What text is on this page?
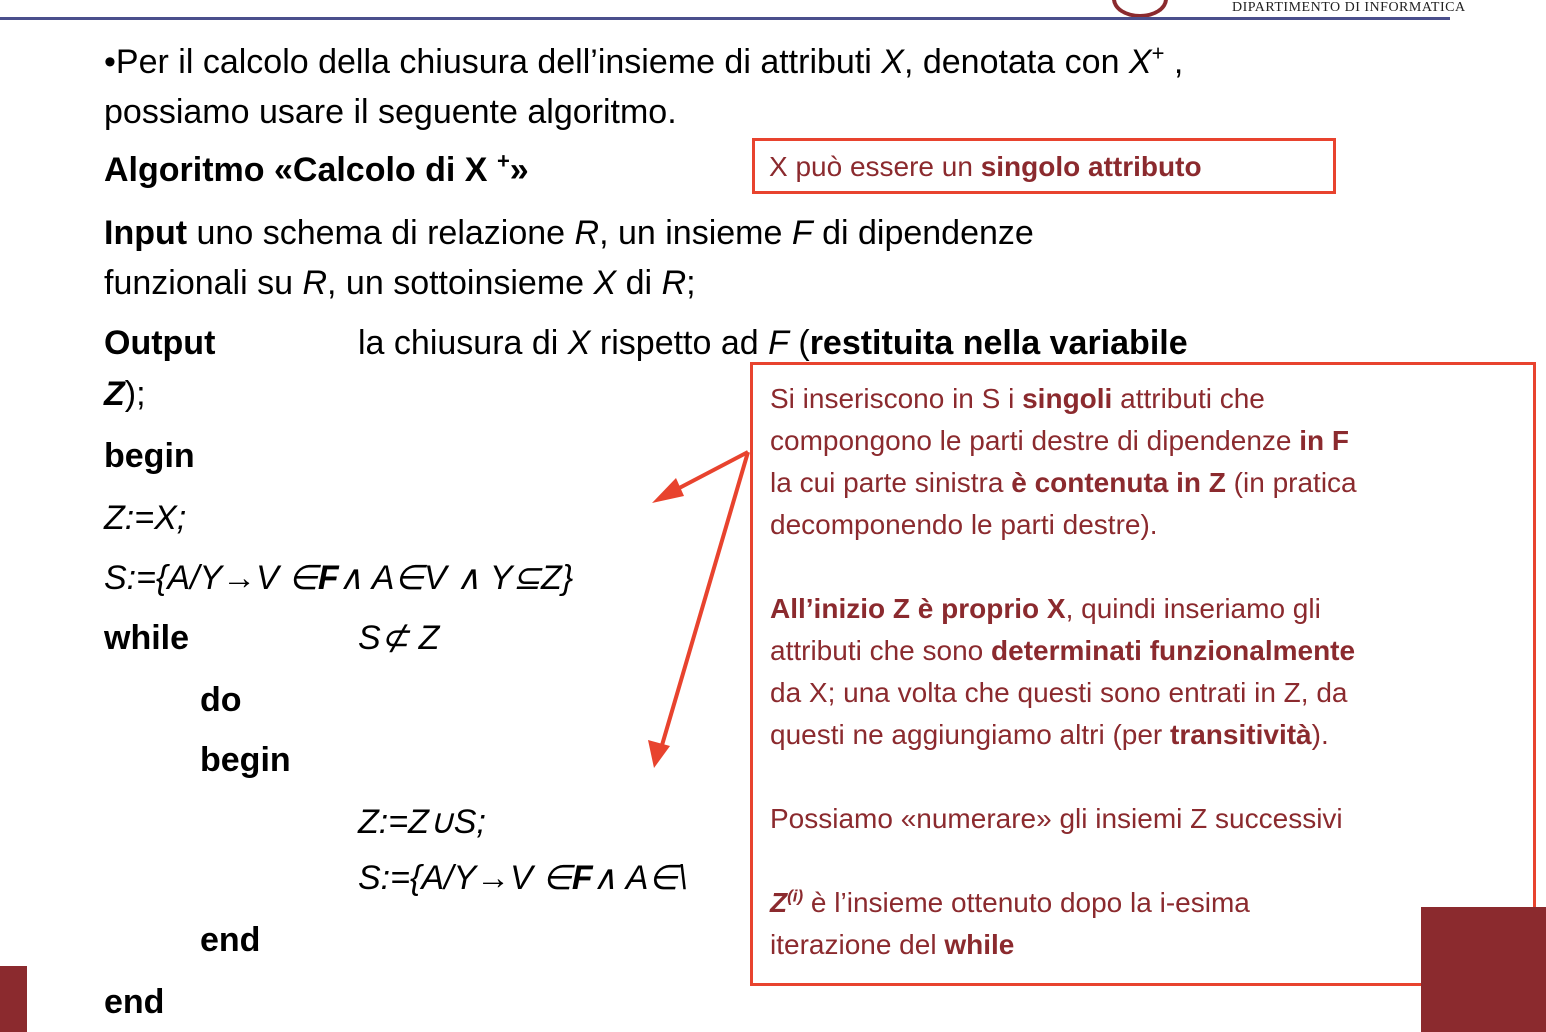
DIPARTIMENTO DI INFORMATICA
•Per il calcolo della chiusura dell’insieme di attributi X, denotata con X+ ,
possiamo usare il seguente algoritmo.
Algoritmo «Calcolo di X +»
Input uno schema di relazione R, un insieme F di dipendenze
funzionali su R, un sottoinsieme X di R;
Output	la chiusura di X rispetto ad F (restituita nella variabile
Z);
begin
Z:=X;
S:={A/Y→V ∈F∧ A∈V ∧ Y⊆Z}
while	S⊄ Z
do
begin
Z:=Z∪S;
S:={A/Y→V ∈F∧ A∈\
end
end
X può essere un singolo attributo
Si inseriscono in S i singoli attributi che
compongono le parti destre di dipendenze in F
la cui parte sinistra è contenuta in Z (in pratica
decomponendo le parti destre).
All’inizio Z è proprio X, quindi inseriamo gli
attributi che sono determinati funzionalmente
da X; una volta che questi sono entrati in Z, da
questi ne aggiungiamo altri (per transitività).
Possiamo «numerare» gli insiemi Z successivi
$Z^{(i)}$ è l’insieme ottenuto dopo la i-esima
iterazione del while
